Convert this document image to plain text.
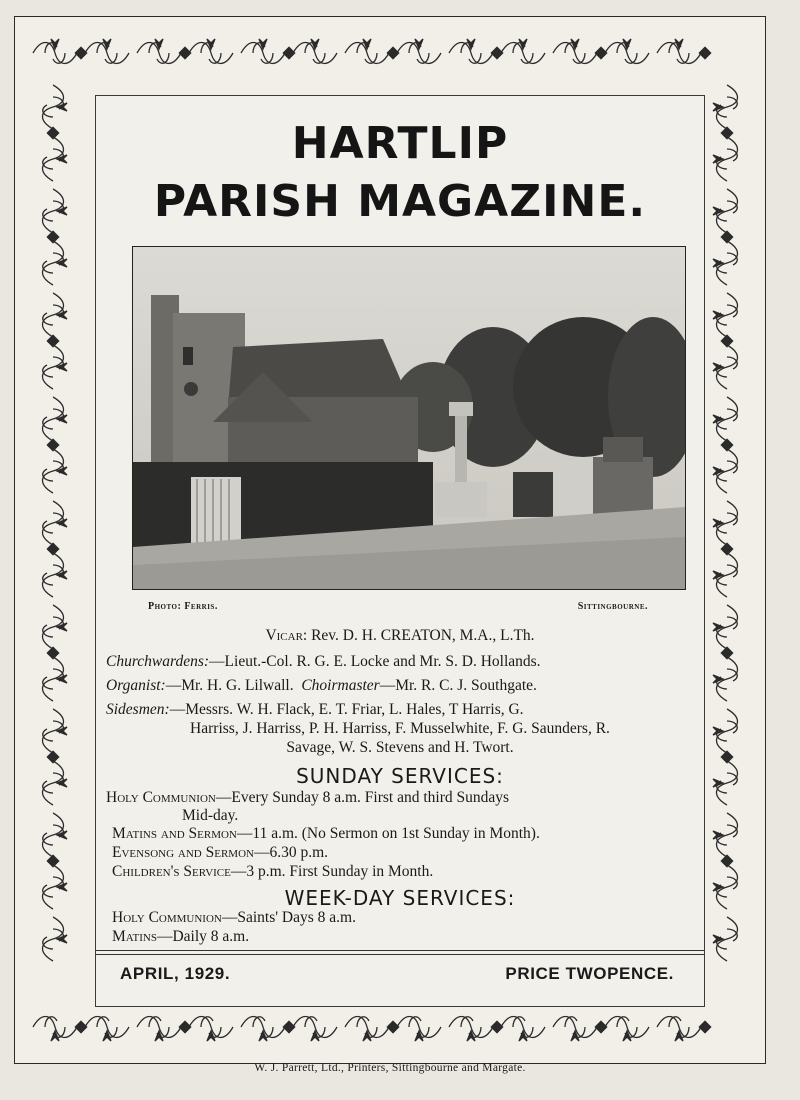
HARTLIP
PARISH MAGAZINE.
Photo: Ferris.	Sittingbourne.
Vicar: Rev. D. H. CREATON, M.A., L.Th.
Churchwardens:—Lieut.-Col. R. G. E. Locke and Mr. S. D. Hollands.
Organist:—Mr. H. G. Lilwall. Choirmaster—Mr. R. C. J. Southgate.
Sidesmen:—Messrs. W. H. Flack, E. T. Friar, L. Hales, T Harris, G.
Harriss, J. Harriss, P. H. Harriss, F. Musselwhite, F. G. Saunders, R.
Savage, W. S. Stevens and H. Twort.
SUNDAY SERVICES:
Holy Communion—Every Sunday 8 a.m. First and third Sundays
Mid-day.
Matins and Sermon—11 a.m. (No Sermon on 1st Sunday in Month).
Evensong and Sermon—6.30 p.m.
Children's Service—3 p.m. First Sunday in Month.
WEEK-DAY SERVICES:
Holy Communion—Saints' Days 8 a.m.
Matins—Daily 8 a.m.
APRIL, 1929.	PRICE TWOPENCE.
W. J. Parrett, Ltd., Printers, Sittingbourne and Margate.
